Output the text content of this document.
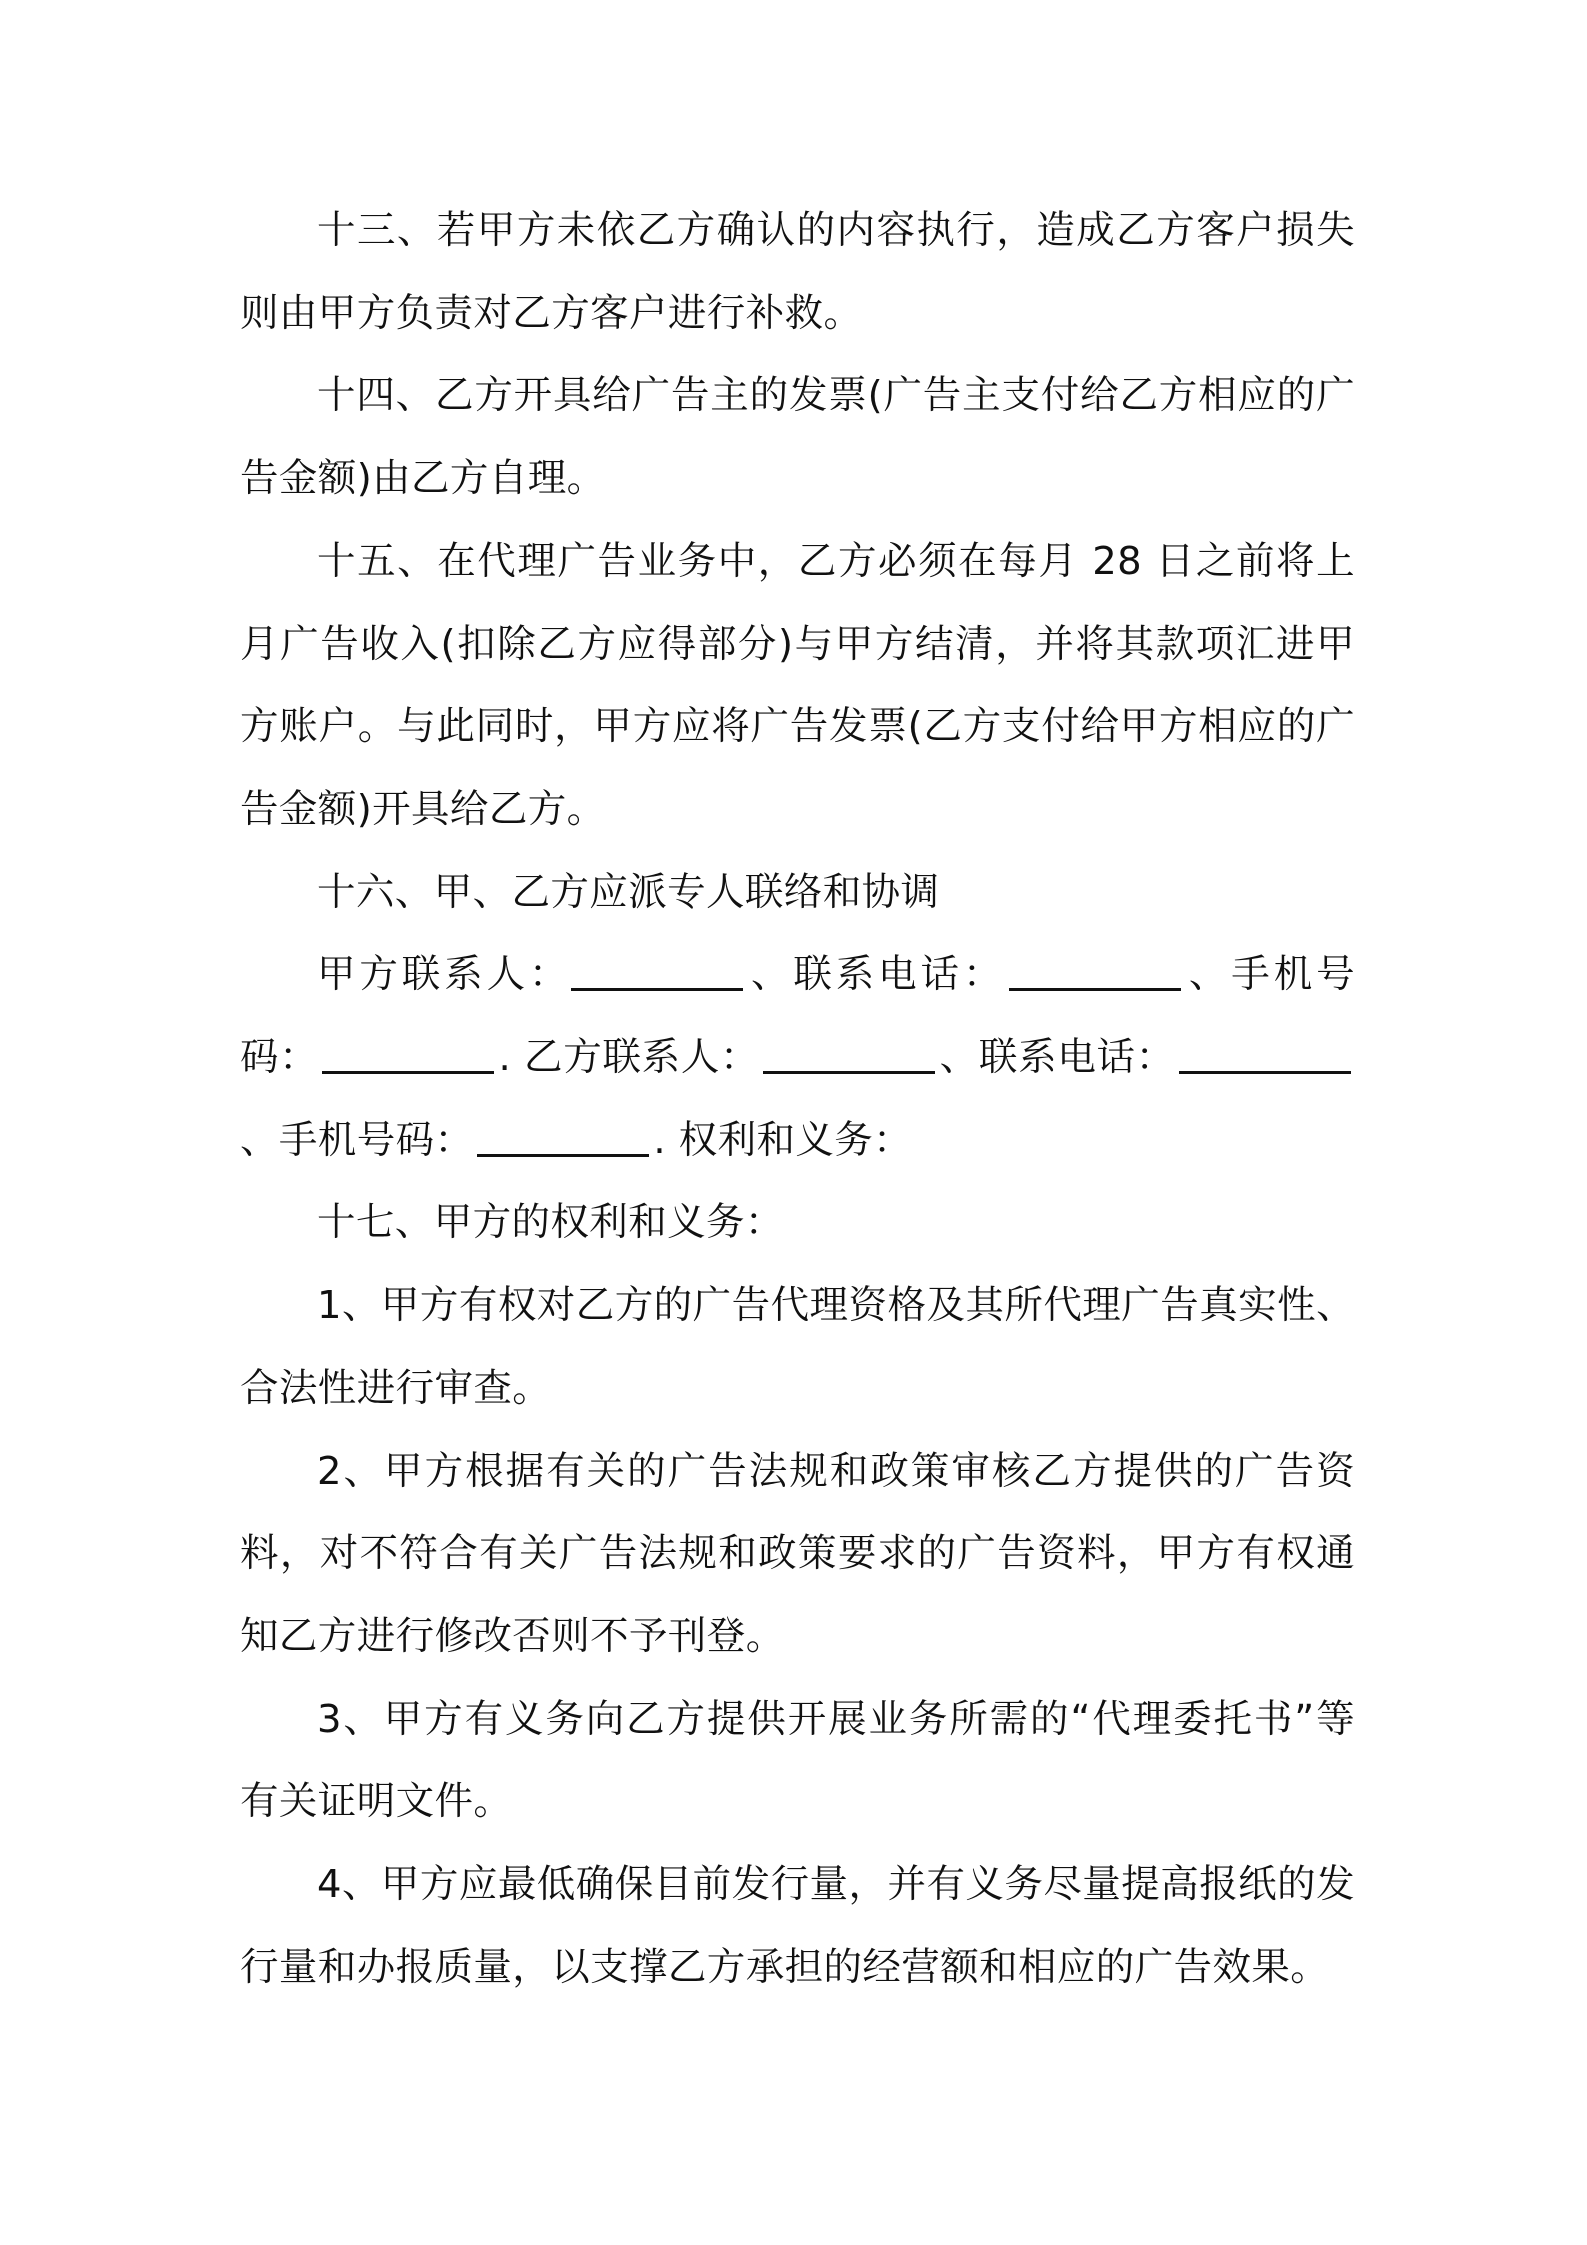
十三、若甲方未依乙方确认的内容执行，造成乙方客户损失则由甲方负责对乙方客户进行补救。

十四、乙方开具给广告主的发票(广告主支付给乙方相应的广告金额)由乙方自理。

十五、在代理广告业务中，乙方必须在每月 28 日之前将上月广告收入(扣除乙方应得部分)与甲方结清，并将其款项汇进甲方账户。与此同时，甲方应将广告发票(乙方支付给甲方相应的广告金额)开具给乙方。

十六、甲、乙方应派专人联络和协调

甲方联系人：	、联系电话：	、手机号码：	. 乙方联系人：	、联系电话：、手机号码：	. 权利和义务：

十七、甲方的权利和义务：

1、甲方有权对乙方的广告代理资格及其所代理广告真实性、合法性进行审查。

2、甲方根据有关的广告法规和政策审核乙方提供的广告资料，对不符合有关广告法规和政策要求的广告资料，甲方有权通知乙方进行修改否则不予刊登。

3、甲方有义务向乙方提供开展业务所需的“代理委托书”等有关证明文件。

4、甲方应最低确保目前发行量，并有义务尽量提高报纸的发行量和办报质量，以支撑乙方承担的经营额和相应的广告效果。
